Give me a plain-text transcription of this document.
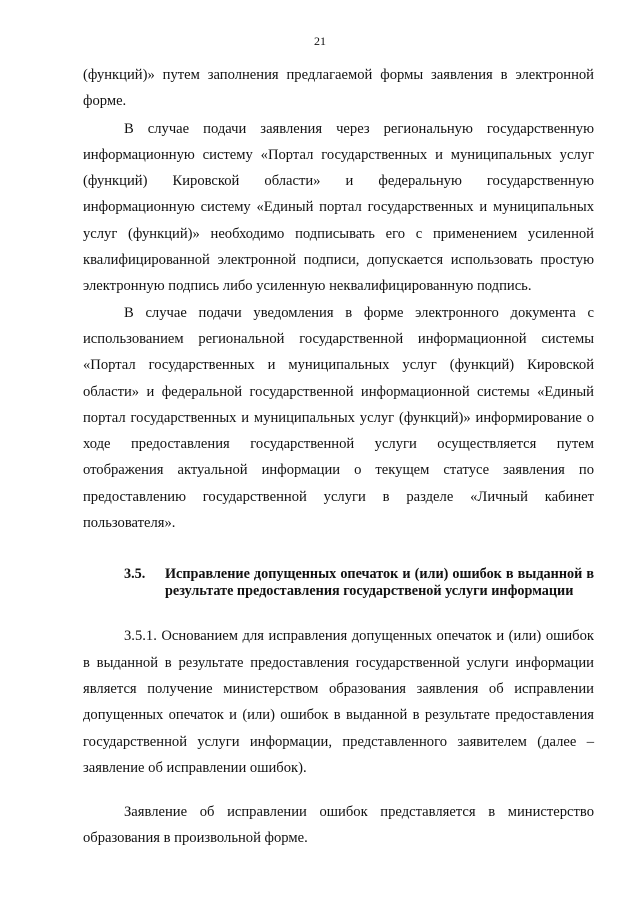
21

(функций)» путем заполнения предлагаемой формы заявления в электронной форме.

В случае подачи заявления через региональную государственную информационную систему «Портал государственных и муниципальных услуг (функций) Кировской области» и федеральную государственную информационную систему «Единый портал государственных и муниципальных услуг (функций)» необходимо подписывать его с применением усиленной квалифицированной электронной подписи, допускается использовать простую электронную подпись либо усиленную неквалифицированную подпись.

В случае подачи уведомления в форме электронного документа с использованием региональной государственной информационной системы «Портал государственных и муниципальных услуг (функций) Кировской области» и федеральной государственной информационной системы «Единый портал государственных и муниципальных услуг (функций)» информирование о ходе предоставления государственной услуги осуществляется путем отображения актуальной информации о текущем статусе заявления по предоставлению государственной услуги в разделе «Личный кабинет пользователя».

3.5.	Исправление допущенных опечаток и (или) ошибок в выданной в результате предоставления государственой услуги информации

3.5.1. Основанием для исправления допущенных опечаток и (или) ошибок в выданной в результате предоставления государственной услуги информации является получение министерством образования заявления об исправлении допущенных опечаток и (или) ошибок в выданной в результате предоставления государственной услуги информации, представленного заявителем (далее – заявление об исправлении ошибок).

Заявление об исправлении ошибок представляется в министерство образования в произвольной форме.
